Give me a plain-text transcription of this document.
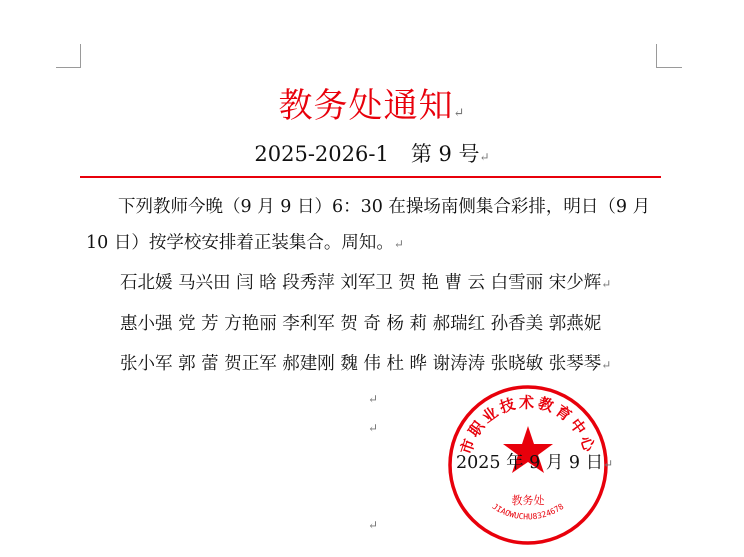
教务处通知↵
2025-2026-1 第 9 号↵
下列教师今晚（9 月 9 日）6：30 在操场南侧集合彩排，明日（9 月 10 日）按学校安排着正装集合。周知。↵
石北媛 马兴田 闫 晗 段秀萍 刘军卫 贺 艳 曹 云 白雪丽 宋少辉↵
惠小强 党 芳 方艳丽 李利军 贺 奇 杨 莉 郝瑞红 孙香美 郭燕妮
张小军 郭 蕾 贺正军 郝建刚 魏 伟 杜 晔 谢涛涛 张晓敏 张琴琴↵
↵
↵
↵
市职业技术教育中心
教务处
JIAOWUCHU8324678
2025 年 9 月 9 日↵
